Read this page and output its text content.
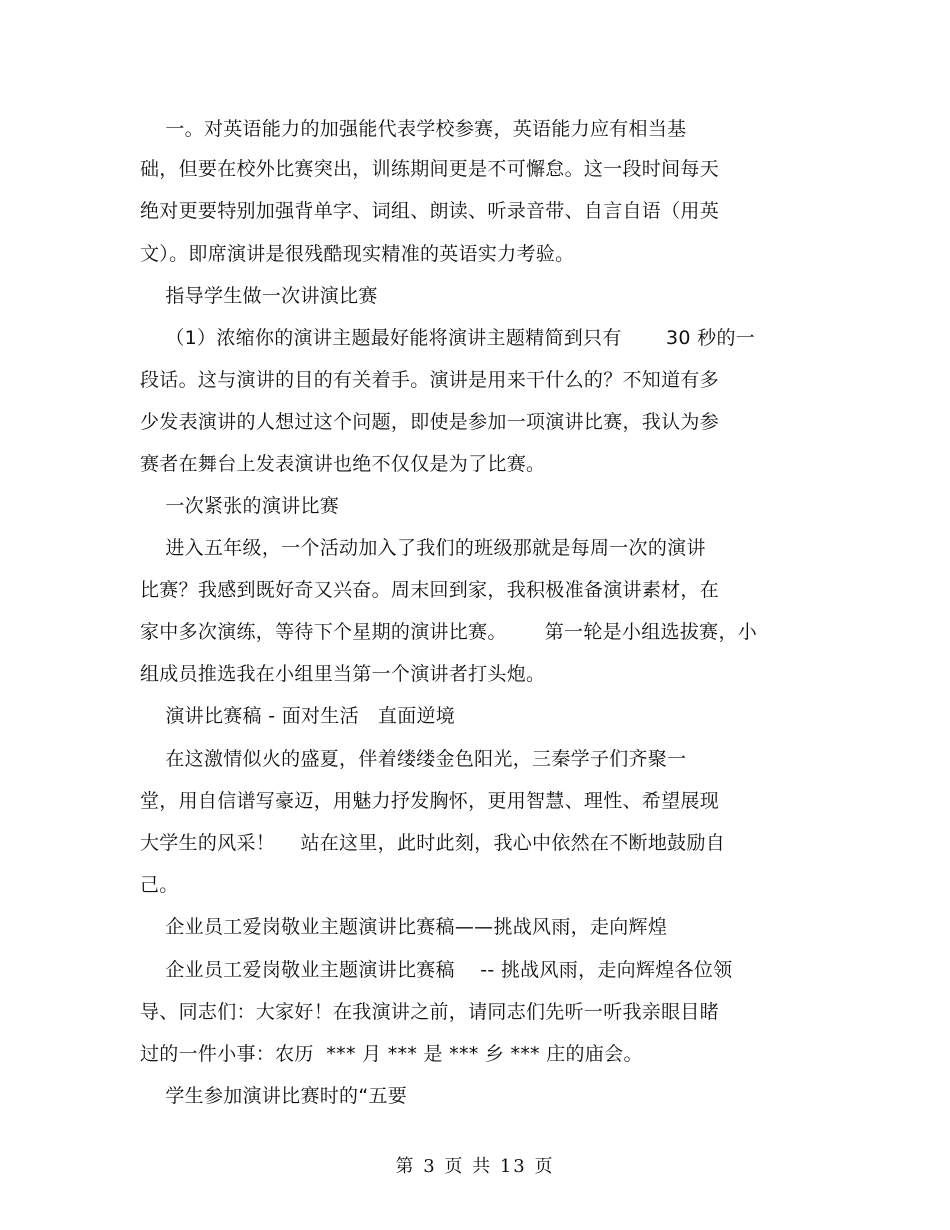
一。对英语能力的加强能代表学校参赛，英语能力应有相当基
础，但要在校外比赛突出，训练期间更是不可懈怠。这一段时间每天
绝对更要特别加强背单字、词组、朗读、听录音带、自言自语（用英
文）。即席演讲是很残酷现实精准的英语实力考验。
指导学生做一次讲演比赛
（1）浓缩你的演讲主题最好能将演讲主题精简到只有       30 秒的一
段话。这与演讲的目的有关着手。演讲是用来干什么的？不知道有多
少发表演讲的人想过这个问题，即使是参加一项演讲比赛，我认为参
赛者在舞台上发表演讲也绝不仅仅是为了比赛。
一次紧张的演讲比赛
进入五年级，一个活动加入了我们的班级那就是每周一次的演讲
比赛？我感到既好奇又兴奋。周末回到家，我积极准备演讲素材，在
家中多次演练，等待下个星期的演讲比赛。      第一轮是小组选拔赛，小
组成员推选我在小组里当第一个演讲者打头炮。
演讲比赛稿 - 面对生活   直面逆境
在这激情似火的盛夏，伴着缕缕金色阳光，三秦学子们齐聚一
堂，用自信谱写豪迈，用魅力抒发胸怀，更用智慧、理性、希望展现
大学生的风采！    站在这里，此时此刻，我心中依然在不断地鼓励自
己。
企业员工爱岗敬业主题演讲比赛稿——挑战风雨，走向辉煌
企业员工爱岗敬业主题演讲比赛稿    -- 挑战风雨，走向辉煌各位领
导、同志们：大家好！在我演讲之前，请同志们先听一听我亲眼目睹
过的一件小事：农历  *** 月 *** 是 *** 乡 *** 庄的庙会。
学生参加演讲比赛时的“五要
第 3 页 共 13 页
